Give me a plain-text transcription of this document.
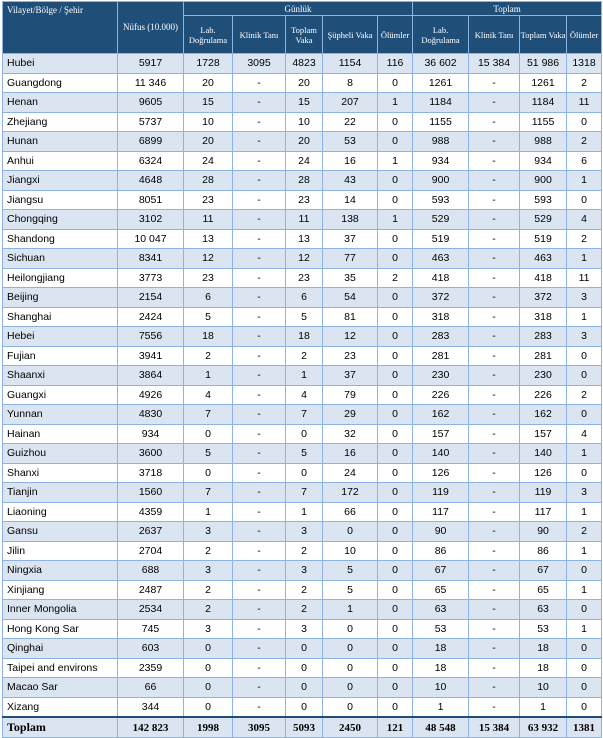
Vilayet/Bölge / Şehir	Nüfus (10.000)	Günlük					Toplam			
		Lab. Doğrulama	Klinik Tanı	Toplam Vaka	Şüpheli Vaka	Ölümler	Lab. Doğrulama	Klinik Tanı	Toplam Vaka	Ölümler
Hubei	5917	1728	3095	4823	1154	116	36 602	15 384	51 986	1318
Guangdong	11 346	20	-	20	8	0	1261	-	1261	2
Henan	9605	15	-	15	207	1	1184	-	1184	11
Zhejiang	5737	10	-	10	22	0	1155	-	1155	0
Hunan	6899	20	-	20	53	0	988	-	988	2
Anhui	6324	24	-	24	16	1	934	-	934	6
Jiangxi	4648	28	-	28	43	0	900	-	900	1
Jiangsu	8051	23	-	23	14	0	593	-	593	0
Chongqing	3102	11	-	11	138	1	529	-	529	4
Shandong	10 047	13	-	13	37	0	519	-	519	2
Sichuan	8341	12	-	12	77	0	463	-	463	1
Heilongjiang	3773	23	-	23	35	2	418	-	418	11
Beijing	2154	6	-	6	54	0	372	-	372	3
Shanghai	2424	5	-	5	81	0	318	-	318	1
Hebei	7556	18	-	18	12	0	283	-	283	3
Fujian	3941	2	-	2	23	0	281	-	281	0
Shaanxi	3864	1	-	1	37	0	230	-	230	0
Guangxi	4926	4	-	4	79	0	226	-	226	2
Yunnan	4830	7	-	7	29	0	162	-	162	0
Hainan	934	0	-	0	32	0	157	-	157	4
Guizhou	3600	5	-	5	16	0	140	-	140	1
Shanxi	3718	0	-	0	24	0	126	-	126	0
Tianjin	1560	7	-	7	172	0	119	-	119	3
Liaoning	4359	1	-	1	66	0	117	-	117	1
Gansu	2637	3	-	3	0	0	90	-	90	2
Jilin	2704	2	-	2	10	0	86	-	86	1
Ningxia	688	3	-	3	5	0	67	-	67	0
Xinjiang	2487	2	-	2	5	0	65	-	65	1
Inner Mongolia	2534	2	-	2	1	0	63	-	63	0
Hong Kong Sar	745	3	-	3	0	0	53	-	53	1
Qinghai	603	0	-	0	0	0	18	-	18	0
Taipei and environs	2359	0	-	0	0	0	18	-	18	0
Macao Sar	66	0	-	0	0	0	10	-	10	0
Xizang	344	0	-	0	0	0	1	-	1	0
Toplam	142 823	1998	3095	5093	2450	121	48 548	15 384	63 932	1381
